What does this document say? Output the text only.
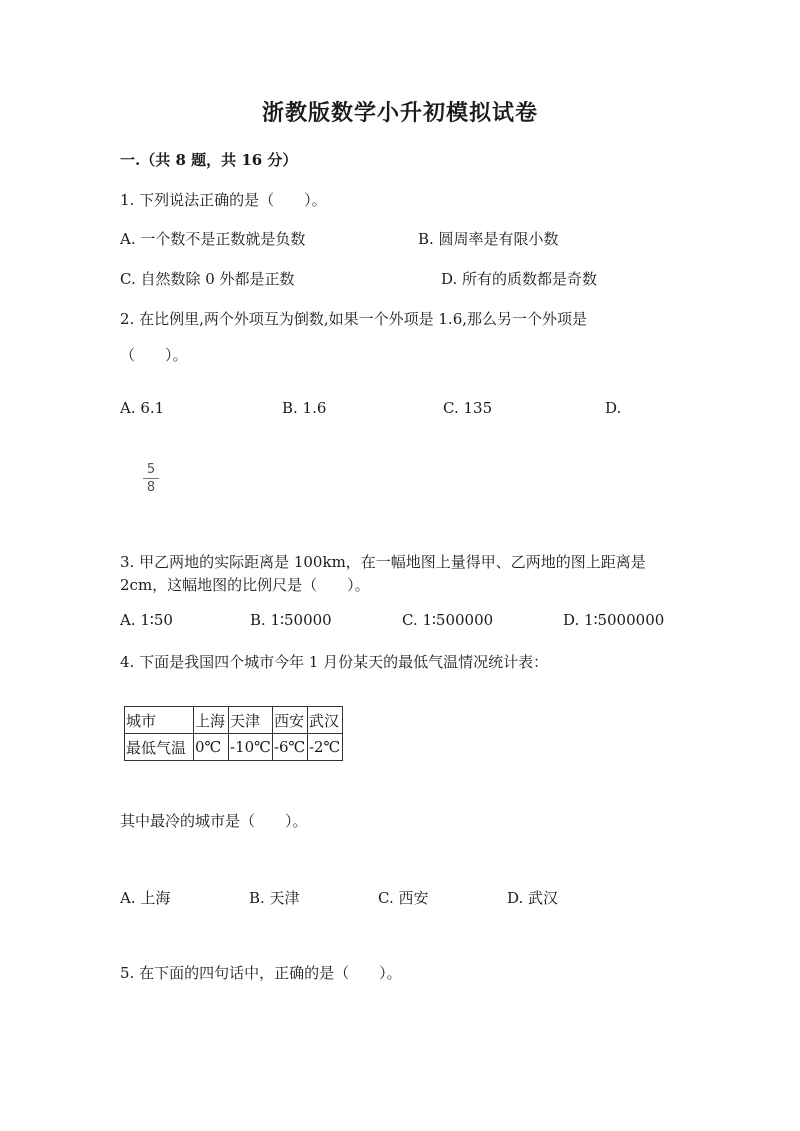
浙教版数学小升初模拟试卷
一.（共 8 题，共 16 分）
1. 下列说法正确的是（　　）。
A. 一个数不是正数就是负数	B. 圆周率是有限小数
C. 自然数除 0 外都是正数	D. 所有的质数都是奇数
2. 在比例里,两个外项互为倒数,如果一个外项是 1.6,那么另一个外项是
（　　）。
A. 6.1	B. 1.6	C. 135	D.
5
8
3. 甲乙两地的实际距离是 100km，在一幅地图上量得甲、乙两地的图上距离是
2cm，这幅地图的比例尺是（　　）。
A. 1∶50	B. 1∶50000	C. 1∶500000	D. 1∶5000000
4. 下面是我国四个城市今年 1 月份某天的最低气温情况统计表：
城市	上海	天津	西安	武汉
最低气温	0℃	-10℃	-6℃	-2℃
其中最冷的城市是（　　）。
A. 上海	B. 天津	C. 西安	D. 武汉
5. 在下面的四句话中，正确的是（　　）。
